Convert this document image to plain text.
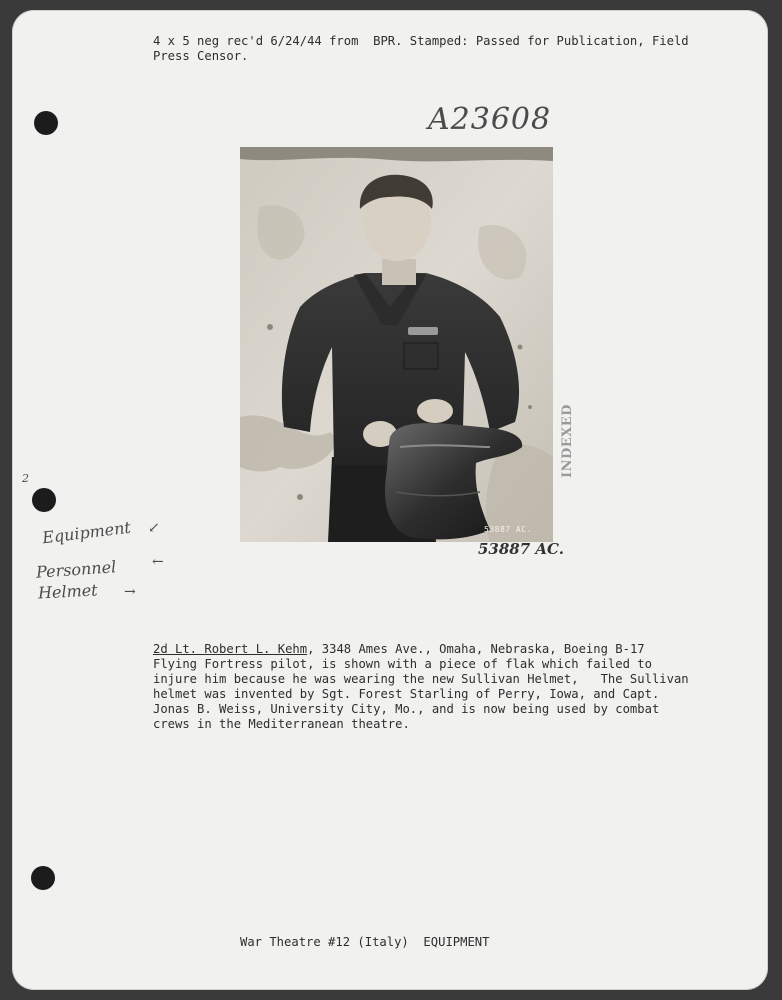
4 x 5 neg rec'd 6/24/44 from  BPR. Stamped: Passed for Publication, Field
Press Censor.
A23608
53887 AC.
INDEXED
53887 AC.
2
Equipment ↙
Personnel	←
Helmet →
2d Lt. Robert L. Kehm, 3348 Ames Ave., Omaha, Nebraska, Boeing B-17
Flying Fortress pilot, is shown with a piece of flak which failed to
injure him because he was wearing the new Sullivan Helmet,   The Sullivan
helmet was invented by Sgt. Forest Starling of Perry, Iowa, and Capt.
Jonas B. Weiss, University City, Mo., and is now being used by combat
crews in the Mediterranean theatre.
War Theatre #12 (Italy)  EQUIPMENT
